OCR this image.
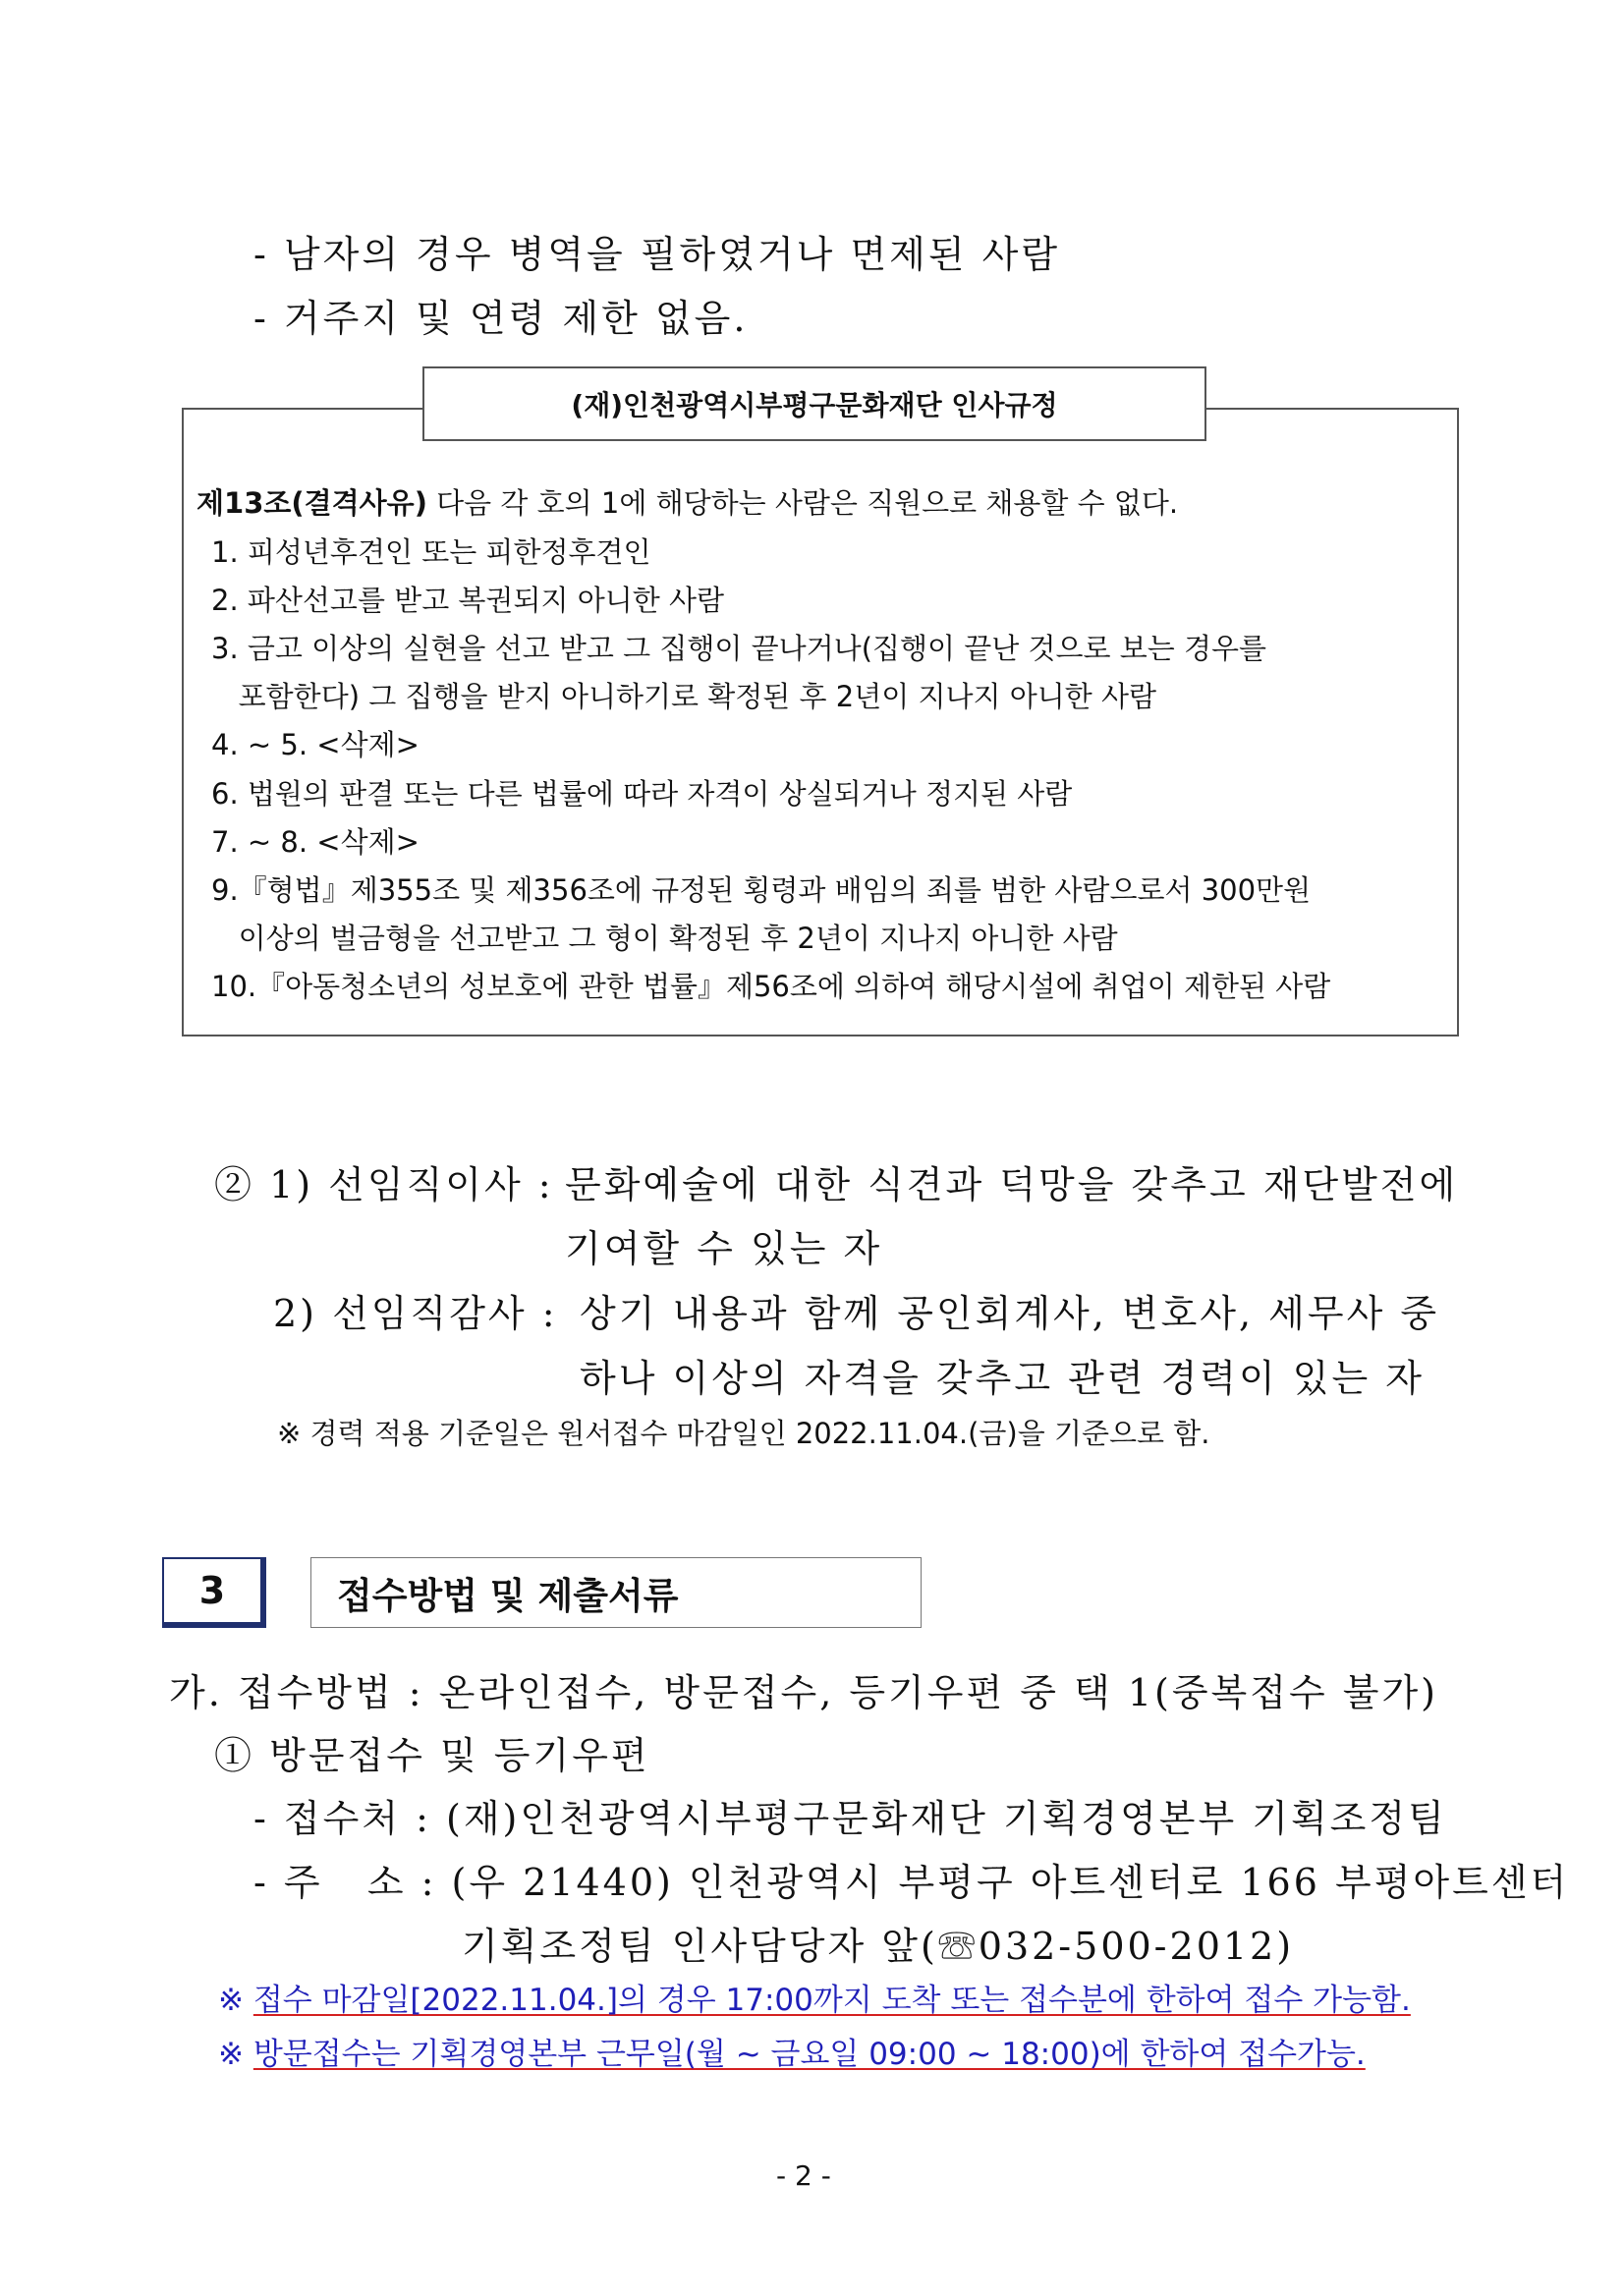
- 남자의 경우 병역을 필하였거나 면제된 사람
- 거주지 및 연령 제한 없음.
(재)인천광역시부평구문화재단 인사규정
제13조(결격사유) 다음 각 호의 1에 해당하는 사람은 직원으로 채용할 수 없다.
1. 피성년후견인 또는 피한정후견인
2. 파산선고를 받고 복권되지 아니한 사람
3. 금고 이상의 실현을 선고 받고 그 집행이 끝나거나(집행이 끝난 것으로 보는 경우를
포함한다) 그 집행을 받지 아니하기로 확정된 후 2년이 지나지 아니한 사람
4. ~ 5. <삭제>
6. 법원의 판결 또는 다른 법률에 따라 자격이 상실되거나 정지된 사람
7. ~ 8. <삭제>
9.『형법』제355조 및 제356조에 규정된 횡령과 배임의 죄를 범한 사람으로서 300만원
이상의 벌금형을 선고받고 그 형이 확정된 후 2년이 지나지 아니한 사람
10.『아동청소년의 성보호에 관한 법률』제56조에 의하여 해당시설에 취업이 제한된 사람
② 1) 선임직이사 : 문화예술에 대한 식견과 덕망을 갖추고 재단발전에
기여할 수 있는 자
2) 선임직감사 : 상기 내용과 함께 공인회계사, 변호사, 세무사 중
하나 이상의 자격을 갖추고 관련 경력이 있는 자
※ 경력 적용 기준일은 원서접수 마감일인 2022.11.04.(금)을 기준으로 함.
3	접수방법 및 제출서류
가. 접수방법 : 온라인접수, 방문접수, 등기우편 중 택 1(중복접수 불가)
① 방문접수 및 등기우편
- 접수처 : (재)인천광역시부평구문화재단 기획경영본부 기획조정팀
- 주   소 : (우 21440) 인천광역시 부평구 아트센터로 166 부평아트센터
기획조정팀 인사담당자 앞(☏032-500-2012)
※ 접수 마감일[2022.11.04.]의 경우 17:00까지 도착 또는 접수분에 한하여 접수 가능함.
※ 방문접수는 기획경영본부 근무일(월 ~ 금요일 09:00 ~ 18:00)에 한하여 접수가능.
- 2 -
